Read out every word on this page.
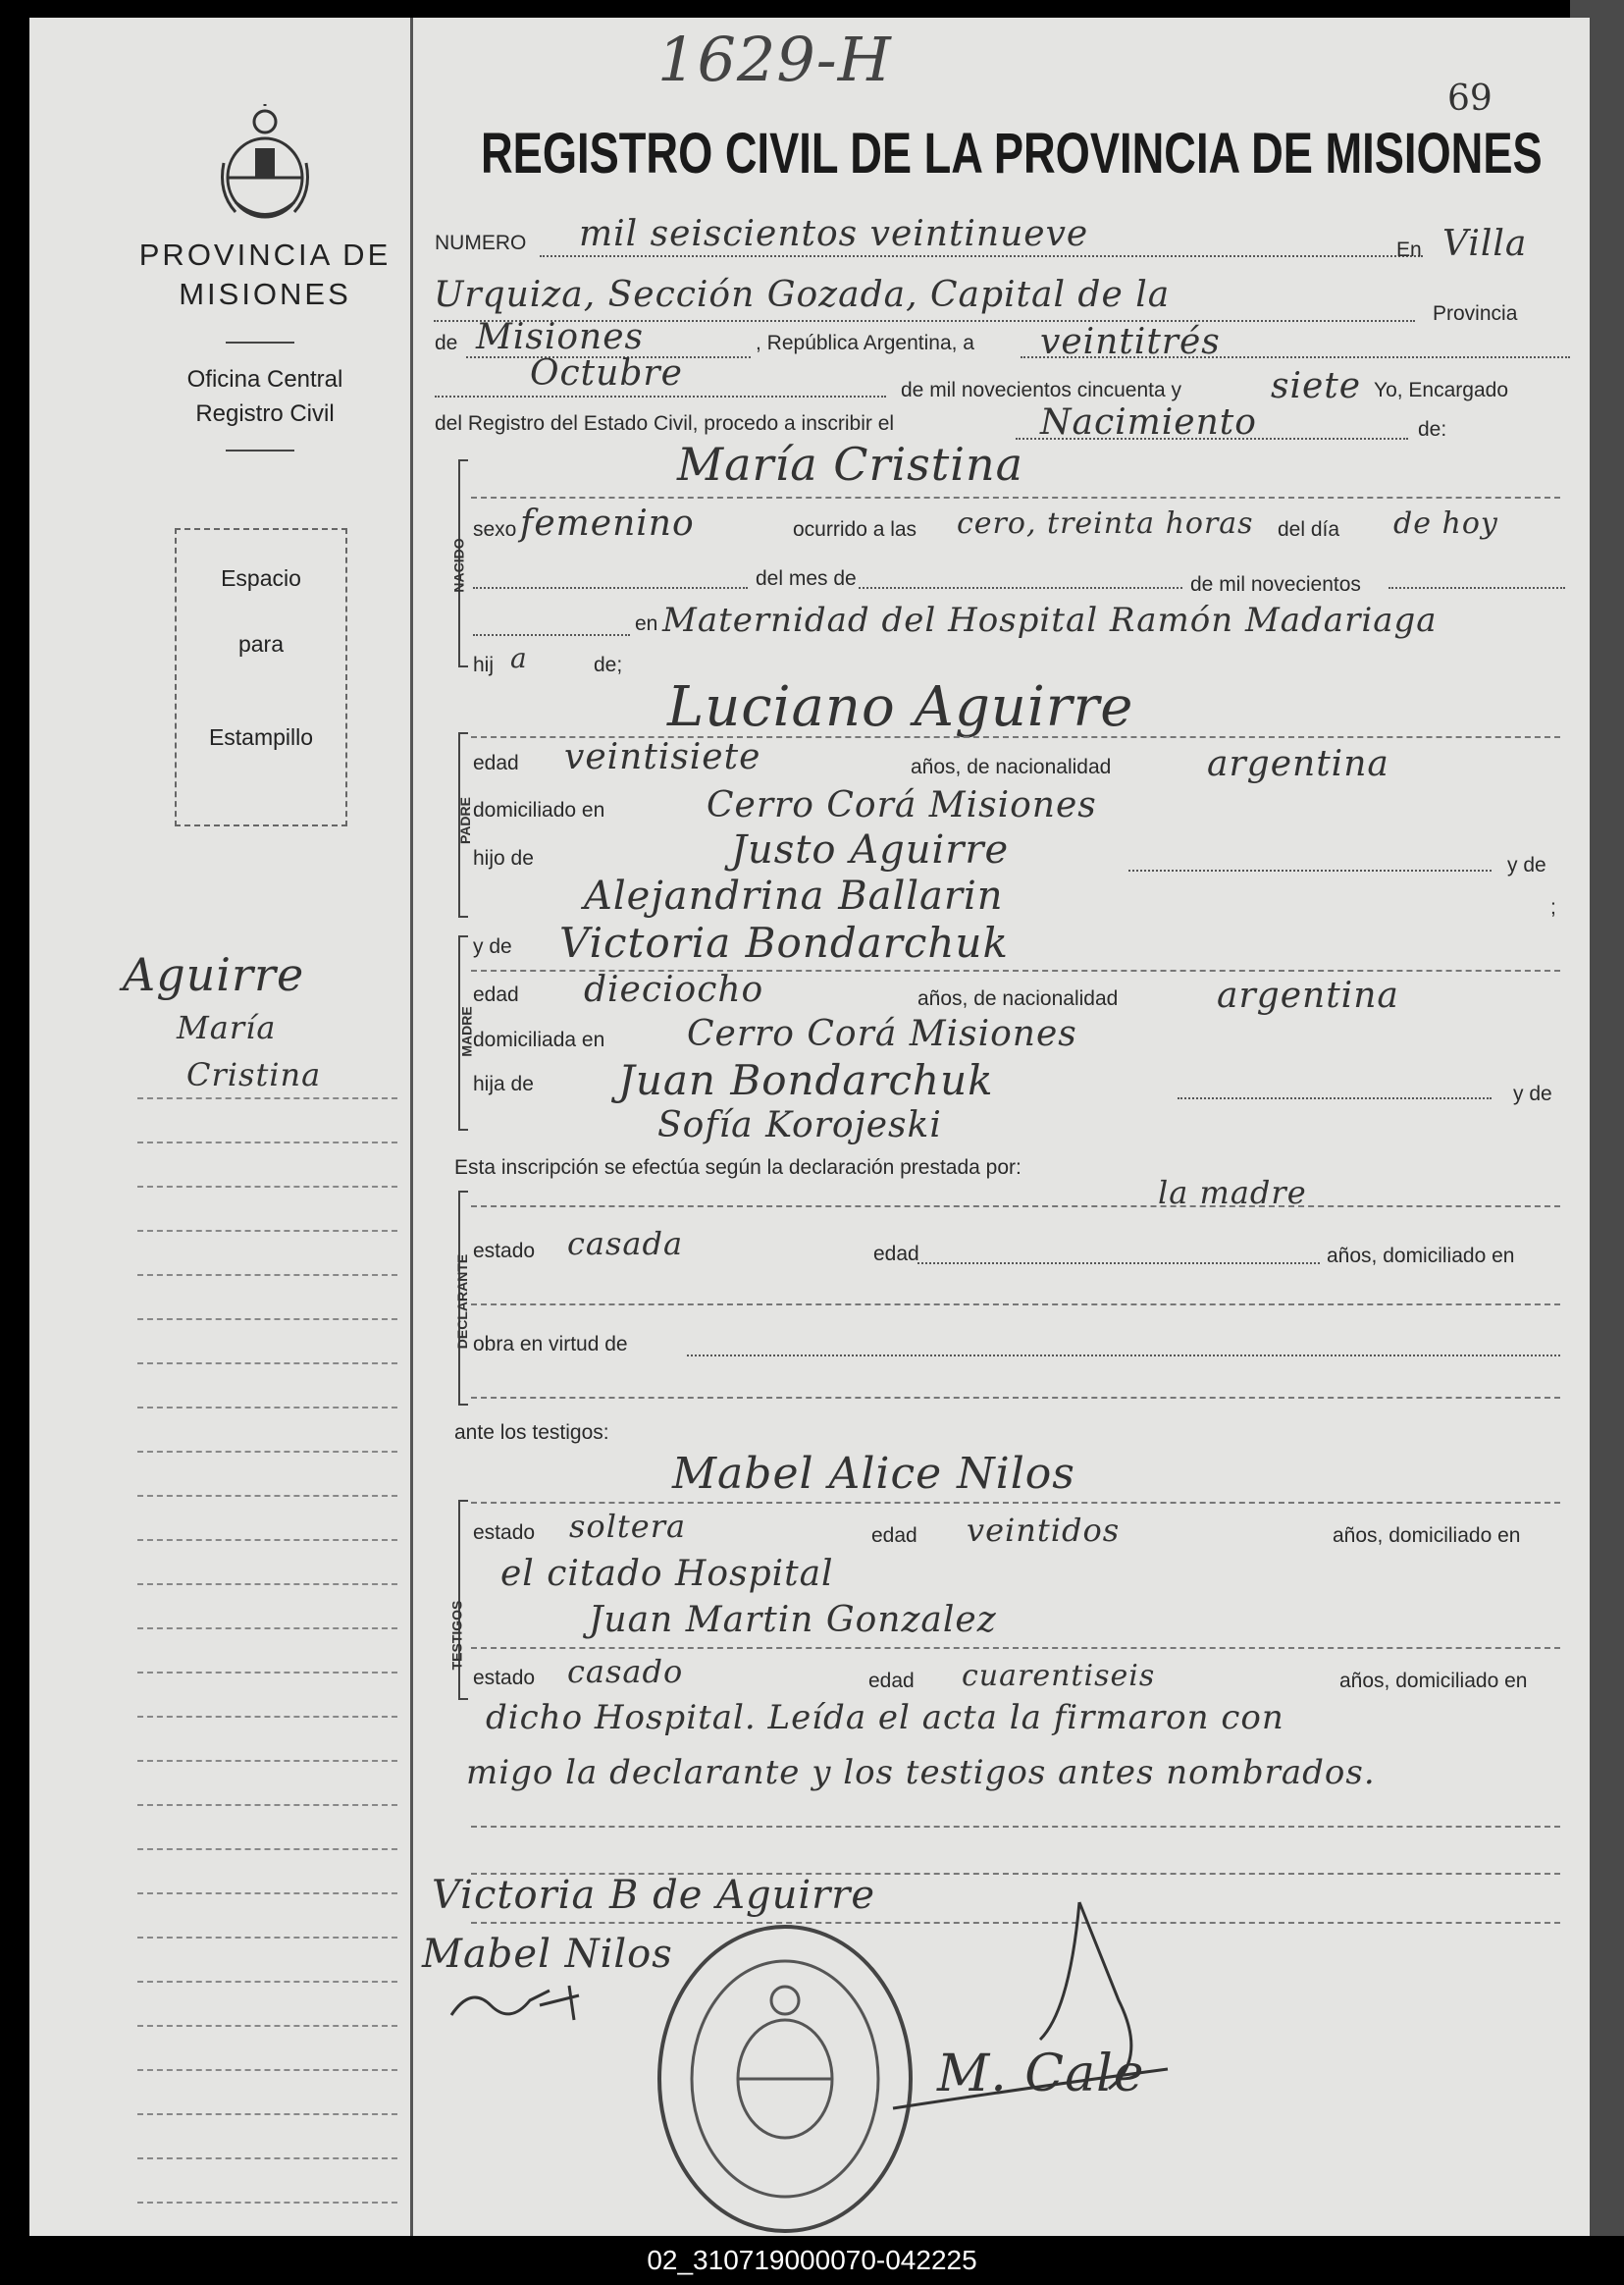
PROVINCIA DE MISIONES
Oficina Central
Registro Civil
Espacio
para
Estampillo
Aguirre
María
Cristina
1629-H
69
REGISTRO CIVIL DE LA PROVINCIA DE MISIONES
NUMERO mil seiscientos veintinueve	En Villa
Urquiza, Sección Gozada, Capital de la	Provincia
de Misiones	, República Argentina, a veintitrés
Octubre	de mil novecientos cincuenta y	siete Yo, Encargado
del Registro del Estado Civil, procedo a inscribir el	Nacimiento	de:
NACIDO
María Cristina
sexo femenino	ocurrido a las cero, treinta horas del día de hoy
del mes de	de mil novecientos
en Maternidad del Hospital Ramón Madariaga
hij a	de;
Luciano Aguirre
PADRE
edad veintisiete	años, de nacionalidad	argentina
domiciliado en	Cerro Corá Misiones
hijo de	Justo Aguirre	y de
Alejandrina Ballarin	;
MADRE
y de Victoria Bondarchuk
edad dieciocho	años, de nacionalidad	argentina
domiciliada en Cerro Corá Misiones
hija de Juan Bondarchuk	y de
Sofía Korojeski
Esta inscripción se efectúa según la declaración prestada por:
la madre
DECLARANTE
estado casada	edad	años, domiciliado en
obra en virtud de
ante los testigos:
Mabel Alice Nilos
TESTIGOS
estado soltera	edad veintidos	años, domiciliado en
el citado Hospital
Juan Martin Gonzalez
estado casado	edad cuarentiseis	años, domiciliado en
dicho Hospital. Leída el acta la firmaron con
migo la declarante y los testigos antes nombrados.
Victoria B de Aguirre
Mabel Nilos
M. Cale
02_310719000070-042225
